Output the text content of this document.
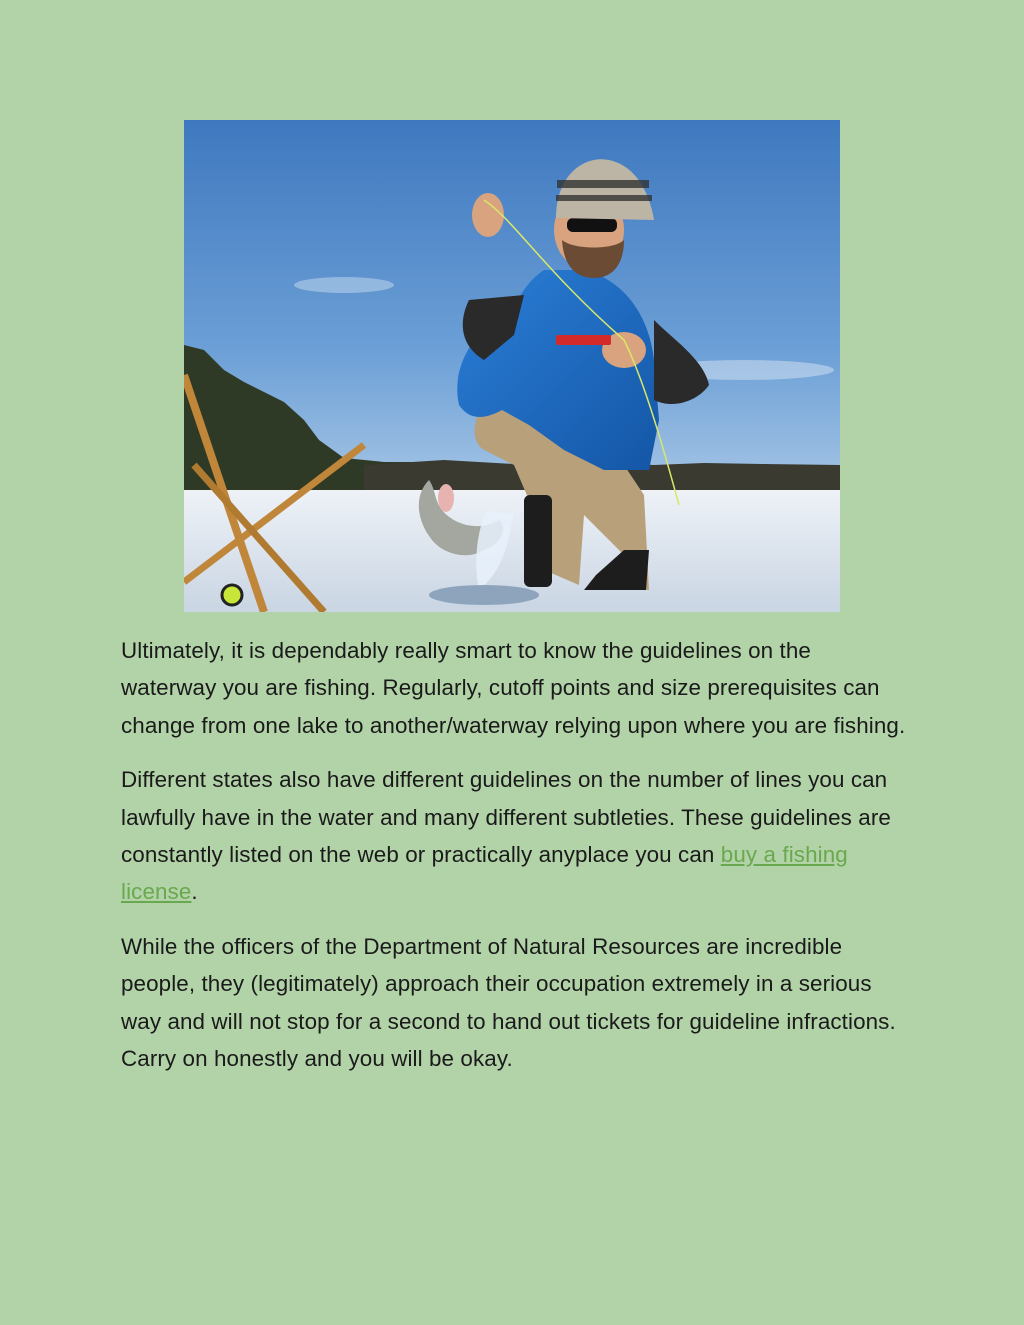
Ultimately, it is dependably really smart to know the guidelines on the waterway you are fishing. Regularly, cutoff points and size prerequisites can change from one lake to another/waterway relying upon where you are fishing.

Different states also have different guidelines on the number of lines you can lawfully have in the water and many different subtleties. These guidelines are constantly listed on the web or practically anyplace you can buy a fishing license.

While the officers of the Department of Natural Resources are incredible people, they (legitimately) approach their occupation extremely in a serious way and will not stop for a second to hand out tickets for guideline infractions. Carry on honestly and you will be okay.
